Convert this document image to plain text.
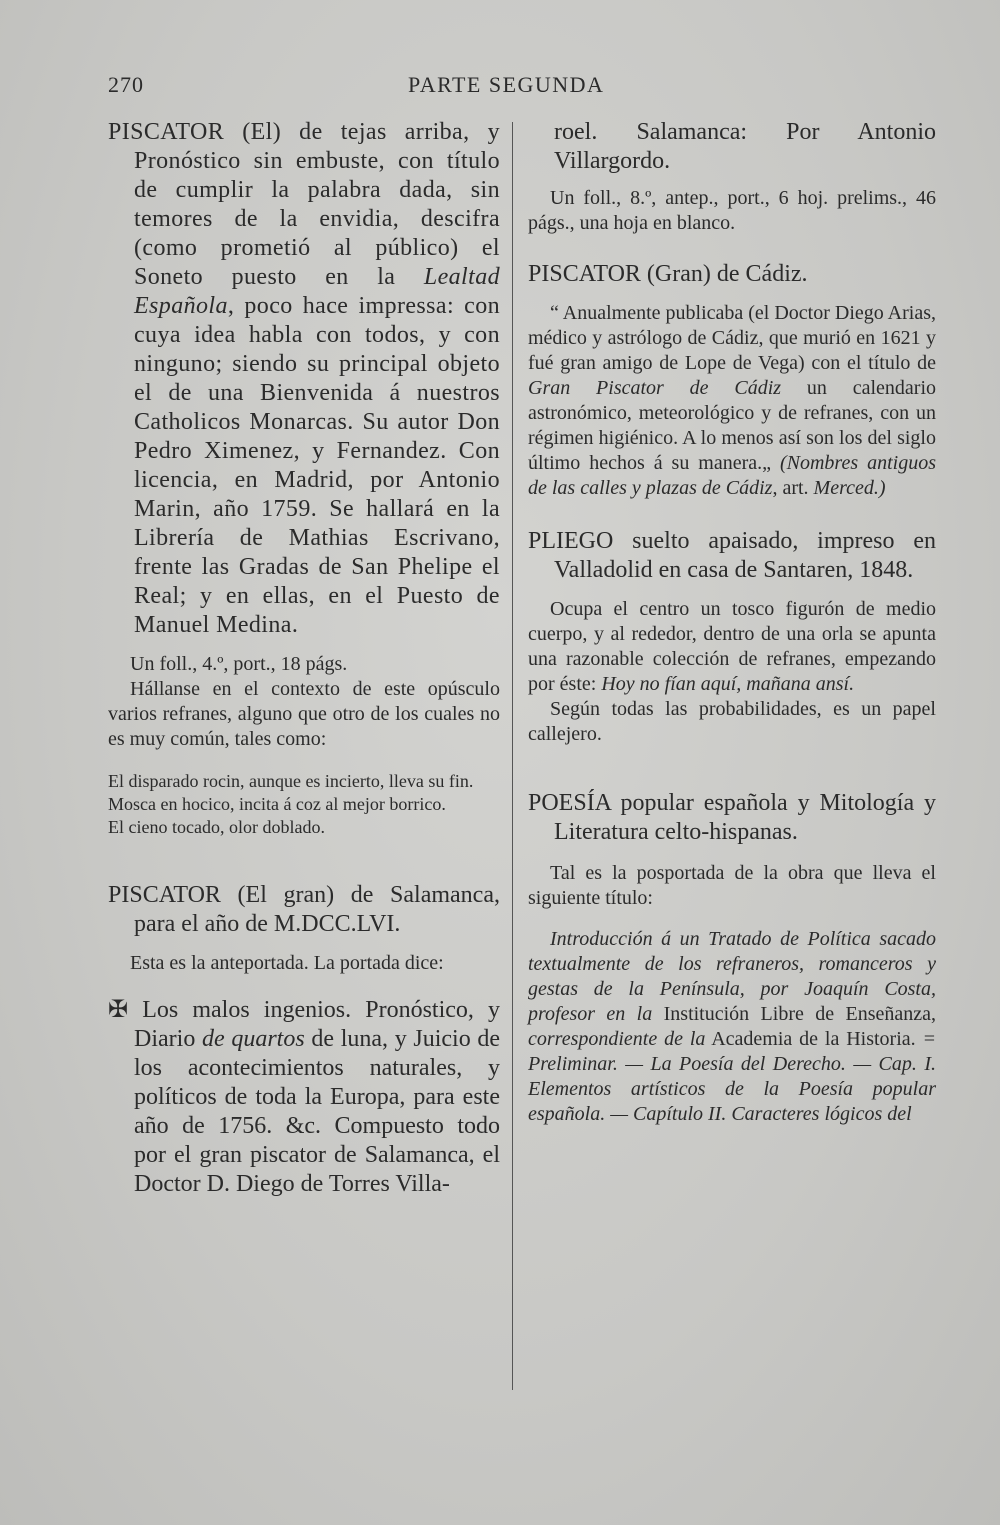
270	PARTE SEGUNDA

PISCATOR (El) de tejas arriba, y Pronóstico sin embuste, con título de cumplir la palabra dada, sin temores de la envidia, descifra (como prometió al público) el Soneto puesto en la Lealtad Española, poco hace impressa: con cuya idea habla con todos, y con ninguno; siendo su principal objeto el de una Bienvenida á nuestros Catholicos Monarcas. Su autor Don Pedro Ximenez, y Fernandez. Con licencia, en Madrid, por Antonio Marin, año 1759. Se hallará en la Librería de Mathias Escrivano, frente las Gradas de San Phelipe el Real; y en ellas, en el Puesto de Manuel Medina.

Un foll., 4.º, port., 18 págs.

Hállanse en el contexto de este opúsculo varios refranes, alguno que otro de los cuales no es muy común, tales como:

El disparado rocin, aunque es incierto, lleva su fin.

Mosca en hocico, incita á coz al mejor borrico.

El cieno tocado, olor doblado.

PISCATOR (El gran) de Salamanca, para el año de M.DCC.LVI.

Esta es la anteportada. La portada dice:

✠ Los malos ingenios. Pronóstico, y Diario de quartos de luna, y Juicio de los acontecimientos naturales, y políticos de toda la Europa, para este año de 1756. &c. Compuesto todo por el gran piscator de Salamanca, el Doctor D. Diego de Torres Villa-

roel. Salamanca: Por Antonio Villargordo.

Un foll., 8.º, antep., port., 6 hoj. prelims., 46 págs., una hoja en blanco.

PISCATOR (Gran) de Cádiz.

“ Anualmente publicaba (el Doctor Diego Arias, médico y astrólogo de Cádiz, que murió en 1621 y fué gran amigo de Lope de Vega) con el título de Gran Piscator de Cádiz un calendario astronómico, meteorológico y de refranes, con un régimen higiénico. A lo menos así son los del siglo último hechos á su manera.„ (Nombres antiguos de las calles y plazas de Cádiz, art. Merced.)

PLIEGO suelto apaisado, impreso en Valladolid en casa de Santaren, 1848.

Ocupa el centro un tosco figurón de medio cuerpo, y al rededor, dentro de una orla se apunta una razonable colección de refranes, empezando por éste: Hoy no fían aquí, mañana ansí.

Según todas las probabilidades, es un papel callejero.

POESÍA popular española y Mitología y Literatura celto-hispanas.

Tal es la posportada de la obra que lleva el siguiente título:

Introducción á un Tratado de Política sacado textualmente de los refraneros, romanceros y gestas de la Península, por Joaquín Costa, profesor en la Institución Libre de Enseñanza, correspondiente de la Academia de la Historia. = Preliminar. — La Poesía del Derecho. — Cap. I. Elementos artísticos de la Poesía popular española. — Capítulo II. Caracteres lógicos del
